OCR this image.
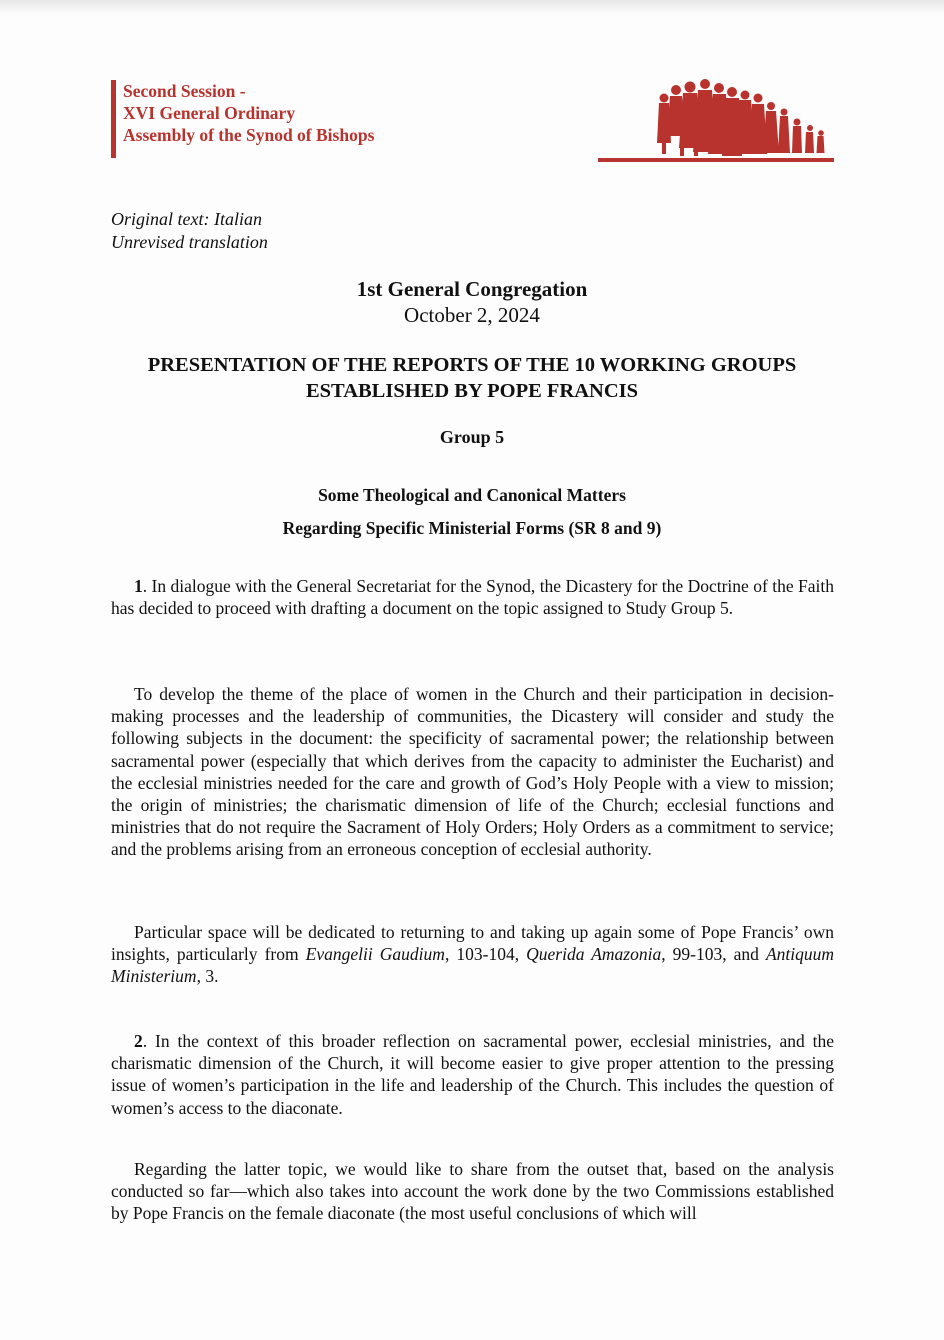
Second Session -
XVI General Ordinary
Assembly of the Synod of Bishops
Original text: Italian
Unrevised translation
1st General Congregation
October 2, 2024
PRESENTATION OF THE REPORTS OF THE 10 WORKING GROUPS
ESTABLISHED BY POPE FRANCIS
Group 5
Some Theological and Canonical Matters
Regarding Specific Ministerial Forms (SR 8 and 9)
1. In dialogue with the General Secretariat for the Synod, the Dicastery for the Doctrine of the Faith has decided to proceed with drafting a document on the topic assigned to Study Group 5.
To develop the theme of the place of women in the Church and their participation in decision-making processes and the leadership of communities, the Dicastery will consider and study the following subjects in the document: the specificity of sacramental power; the relationship between sacramental power (especially that which derives from the capacity to administer the Eucharist) and the ecclesial ministries needed for the care and growth of God’s Holy People with a view to mission; the origin of ministries; the charismatic dimension of life of the Church; ecclesial functions and ministries that do not require the Sacrament of Holy Orders; Holy Orders as a commitment to service; and the problems arising from an erroneous conception of ecclesial authority.
Particular space will be dedicated to returning to and taking up again some of Pope Francis’ own insights, particularly from Evangelii Gaudium, 103-104, Querida Amazonia, 99-103, and Antiquum Ministerium, 3.
2. In the context of this broader reflection on sacramental power, ecclesial ministries, and the charismatic dimension of the Church, it will become easier to give proper attention to the pressing issue of women’s participation in the life and leadership of the Church. This includes the question of women’s access to the diaconate.
Regarding the latter topic, we would like to share from the outset that, based on the analysis conducted so far—which also takes into account the work done by the two Commissions established by Pope Francis on the female diaconate (the most useful conclusions of which will
